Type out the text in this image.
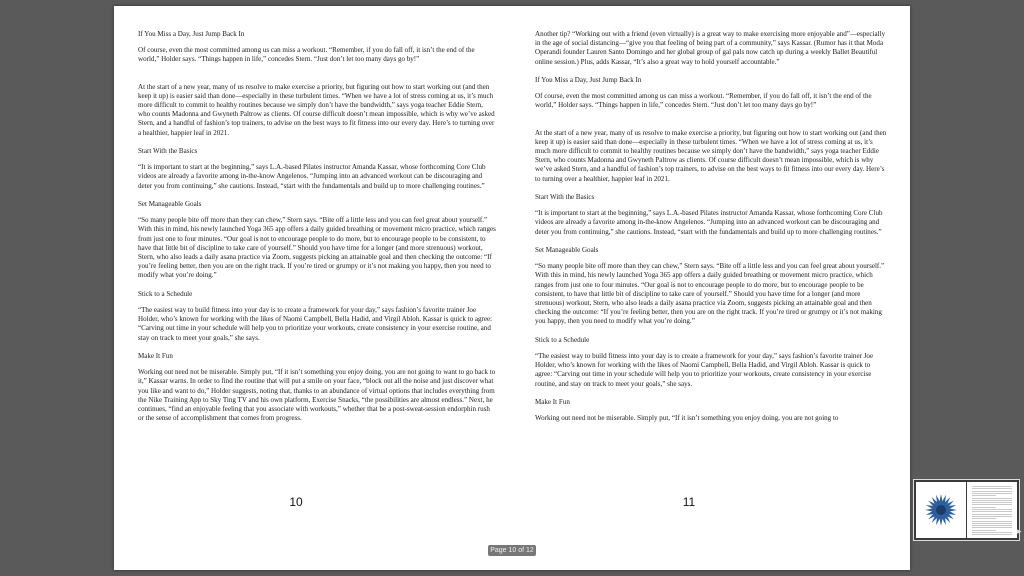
If You Miss a Day, Just Jump Back In

Of course, even the most committed among us can miss a workout. “Remember, if you do fall off, it isn’t the end of the world,” Holder says. “Things happen in life,” concedes Stern. “Just don’t let too many days go by!”

At the start of a new year, many of us resolve to make exercise a priority, but figuring out how to start working out (and then keep it up) is easier said than done—especially in these turbulent times. “When we have a lot of stress coming at us, it’s much more difficult to commit to healthy routines because we simply don’t have the bandwidth,” says yoga teacher Eddie Stern, who counts Madonna and Gwyneth Paltrow as clients. Of course difficult doesn’t mean impossible, which is why we’ve asked Stern, and a handful of fashion’s top trainers, to advise on the best ways to fit fitness into our every day. Here’s to turning over a healthier, happier leaf in 2021.

Start With the Basics

“It is important to start at the beginning,” says L.A.-based Pilates instructor Amanda Kassar, whose forthcoming Core Club videos are already a favorite among in-the-know Angelenos. “Jumping into an advanced workout can be discouraging and deter you from continuing,” she cautions. Instead, “start with the fundamentals and build up to more challenging routines.”

Set Manageable Goals

“So many people bite off more than they can chew,” Stern says. “Bite off a little less and you can feel great about yourself.” With this in mind, his newly launched Yoga 365 app offers a daily guided breathing or movement micro practice, which ranges from just one to four minutes. “Our goal is not to encourage people to do more, but to encourage people to be consistent, to have that little bit of discipline to take care of yourself.” Should you have time for a longer (and more strenuous) workout, Stern, who also leads a daily asana practice via Zoom, suggests picking an attainable goal and then checking the outcome: “If you’re feeling better, then you are on the right track. If you’re tired or grumpy or it’s not making you happy, then you need to modify what you’re doing.”

Stick to a Schedule

“The easiest way to build fitness into your day is to create a framework for your day,” says fashion’s favorite trainer Joe Holder, who’s known for working with the likes of Naomi Campbell, Bella Hadid, and Virgil Abloh. Kassar is quick to agree: “Carving out time in your schedule will help you to prioritize your workouts, create consistency in your exercise routine, and stay on track to meet your goals,” she says.

Make It Fun

Working out need not be miserable. Simply put, “If it isn’t something you enjoy doing, you are not going to want to go back to it,” Kassar warns. In order to find the routine that will put a smile on your face, “block out all the noise and just discover what you like and want to do,” Holder suggests, noting that, thanks to an abundance of virtual options that includes everything from the Nike Training App to Sky Ting TV and his own platform, Exercise Snacks, “the possibilities are almost endless.” Next, he continues, “find an enjoyable feeling that you associate with workouts,” whether that be a post-sweat-session endorphin rush or the sense of accomplishment that comes from progress.

10

Another tip? “Working out with a friend (even virtually) is a great way to make exercising more enjoyable and”—especially in the age of social distancing—“give you that feeling of being part of a community,” says Kassar. (Rumor has it that Moda Operandi founder Lauren Santo Domingo and her global group of gal pals now catch up during a weekly Ballet Beautiful online session.) Plus, adds Kassar, “It’s also a great way to hold yourself accountable.”

If You Miss a Day, Just Jump Back In

Of course, even the most committed among us can miss a workout. “Remember, if you do fall off, it isn’t the end of the world,” Holder says. “Things happen in life,” concedes Stern. “Just don’t let too many days go by!”

At the start of a new year, many of us resolve to make exercise a priority, but figuring out how to start working out (and then keep it up) is easier said than done—especially in these turbulent times. “When we have a lot of stress coming at us, it’s much more difficult to commit to healthy routines because we simply don’t have the bandwidth,” says yoga teacher Eddie Stern, who counts Madonna and Gwyneth Paltrow as clients. Of course difficult doesn’t mean impossible, which is why we’ve asked Stern, and a handful of fashion’s top trainers, to advise on the best ways to fit fitness into our every day. Here’s to turning over a healthier, happier leaf in 2021.

Start With the Basics

“It is important to start at the beginning,” says L.A.-based Pilates instructor Amanda Kassar, whose forthcoming Core Club videos are already a favorite among in-the-know Angelenos. “Jumping into an advanced workout can be discouraging and deter you from continuing,” she cautions. Instead, “start with the fundamentals and build up to more challenging routines.”

Set Manageable Goals

“So many people bite off more than they can chew,” Stern says. “Bite off a little less and you can feel great about yourself.” With this in mind, his newly launched Yoga 365 app offers a daily guided breathing or movement micro practice, which ranges from just one to four minutes. “Our goal is not to encourage people to do more, but to encourage people to be consistent, to have that little bit of discipline to take care of yourself.” Should you have time for a longer (and more strenuous) workout, Stern, who also leads a daily asana practice via Zoom, suggests picking an attainable goal and then checking the outcome: “If you’re feeling better, then you are on the right track. If you’re tired or grumpy or it’s not making you happy, then you need to modify what you’re doing.”

Stick to a Schedule

“The easiest way to build fitness into your day is to create a framework for your day,” says fashion’s favorite trainer Joe Holder, who’s known for working with the likes of Naomi Campbell, Bella Hadid, and Virgil Abloh. Kassar is quick to agree: “Carving out time in your schedule will help you to prioritize your workouts, create consistency in your exercise routine, and stay on track to meet your goals,” she says.

Make It Fun

Working out need not be miserable. Simply put, “If it isn’t something you enjoy doing, you are not going to

11
Page 10 of 12
▸
